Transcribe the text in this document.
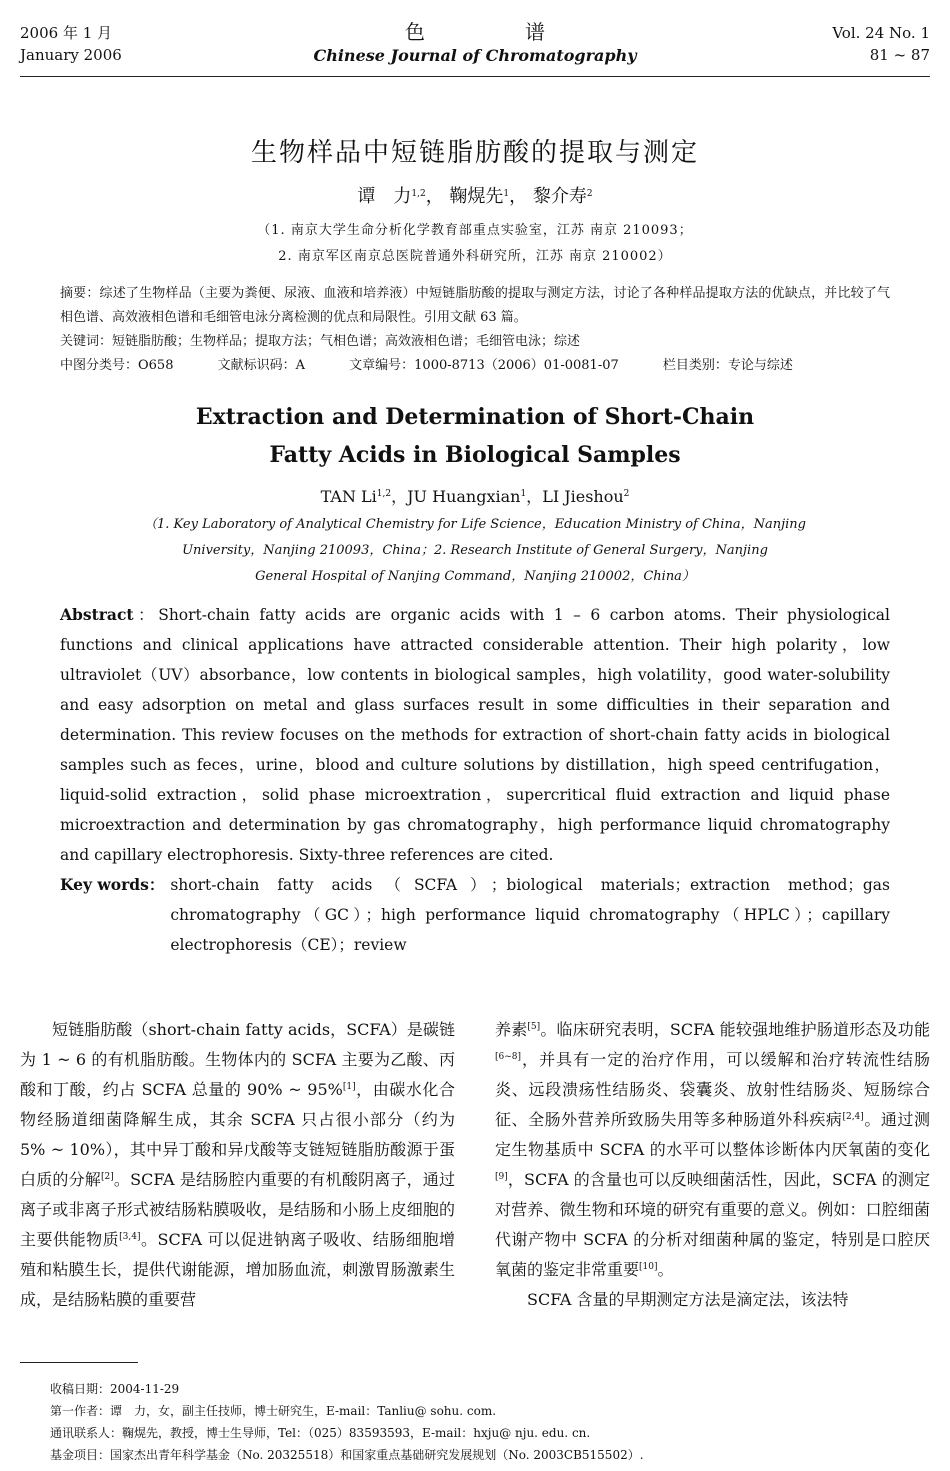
2006 年 1 月
January 2006
色谱
Chinese Journal of Chromatography
Vol. 24 No. 1
81 ~ 87
生物样品中短链脂肪酸的提取与测定
谭　力$^{1,2}$， 鞠熀先$^1$， 黎介寿$^2$
（1. 南京大学生命分析化学教育部重点实验室，江苏 南京 210093；
2. 南京军区南京总医院普通外科研究所，江苏 南京 210002）

摘要：综述了生物样品（主要为粪便、尿液、血液和培养液）中短链脂肪酸的提取与测定方法，讨论了各种样品提取方法的优缺点，并比较了气相色谱、高效液相色谱和毛细管电泳分离检测的优点和局限性。引用文献 63 篇。

关键词：短链脂肪酸；生物样品；提取方法；气相色谱；高效液相色谱；毛细管电泳；综述

中图分类号：O658	文献标识码：A	文章编号：1000-8713（2006）01-0081-07	栏目类别：专论与综述

Extraction and Determination of Short-Chain
Fatty Acids in Biological Samples
TAN Li$^{1,2}$，JU Huangxian$^1$，LI Jieshou$^2$
（1. Key Laboratory of Analytical Chemistry for Life Science，Education Ministry of China，Nanjing
University，Nanjing 210093，China；2. Research Institute of General Surgery，Nanjing
General Hospital of Nanjing Command，Nanjing 210002，China）

Abstract：Short-chain fatty acids are organic acids with 1 – 6 carbon atoms. Their physiological functions and clinical applications have attracted considerable attention. Their high polarity，low ultraviolet（UV）absorbance，low contents in biological samples，high volatility，good water-solubility and easy adsorption on metal and glass surfaces result in some difficulties in their separation and determination. This review focuses on the methods for extraction of short-chain fatty acids in biological samples such as feces，urine，blood and culture solutions by distillation，high speed centrifugation，liquid-solid extraction，solid phase microextration，supercritical fluid extraction and liquid phase microextraction and determination by gas chromatography，high performance liquid chromatography and capillary electrophoresis. Sixty-three references are cited.

Key words： short-chain fatty acids（SCFA）；biological materials；extraction method；gas chromatography（GC）；high performance liquid chromatography（HPLC）；capillary electrophoresis（CE）；review

短链脂肪酸（short-chain fatty acids，SCFA）是碳链为 1 ~ 6 的有机脂肪酸。生物体内的 SCFA 主要为乙酸、丙酸和丁酸，约占 SCFA 总量的 90% ~ 95%[1]，由碳水化合物经肠道细菌降解生成，其余 SCFA 只占很小部分（约为 5% ~ 10%），其中异丁酸和异戊酸等支链短链脂肪酸源于蛋白质的分解[2]。SCFA 是结肠腔内重要的有机酸阴离子，通过离子或非离子形式被结肠粘膜吸收，是结肠和小肠上皮细胞的主要供能物质[3,4]。SCFA 可以促进钠离子吸收、结肠细胞增殖和粘膜生长，提供代谢能源，增加肠血流，刺激胃肠激素生成，是结肠粘膜的重要营

养素[5]。临床研究表明，SCFA 能较强地维护肠道形态及功能[6~8]，并具有一定的治疗作用，可以缓解和治疗转流性结肠炎、远段溃疡性结肠炎、袋囊炎、放射性结肠炎、短肠综合征、全肠外营养所致肠失用等多种肠道外科疾病[2,4]。通过测定生物基质中 SCFA 的水平可以整体诊断体内厌氧菌的变化[9]，SCFA 的含量也可以反映细菌活性，因此，SCFA 的测定对营养、微生物和环境的研究有重要的意义。例如：口腔细菌代谢产物中 SCFA 的分析对细菌种属的鉴定，特别是口腔厌氧菌的鉴定非常重要[10]。

SCFA 含量的早期测定方法是滴定法，该法特

收稿日期：2004-11-29
第一作者：谭　力，女，副主任技师，博士研究生，E-mail：Tanliu@ sohu. com.
通讯联系人：鞠熀先，教授，博士生导师，Tel：（025）83593593，E-mail：hxju@ nju. edu. cn.
基金项目：国家杰出青年科学基金（No. 20325518）和国家重点基础研究发展规划（No. 2003CB515502）.
